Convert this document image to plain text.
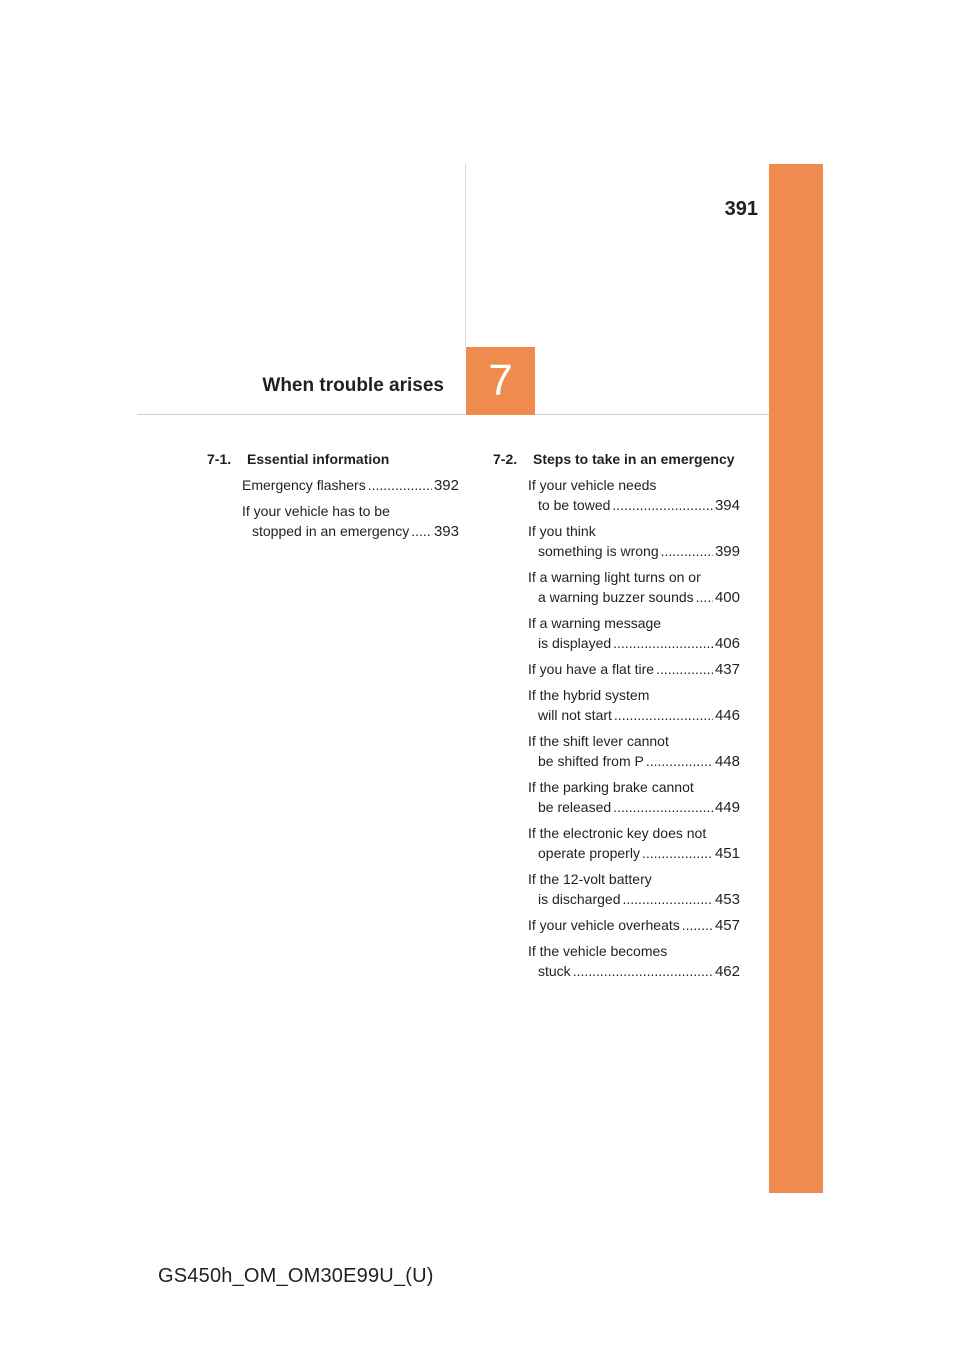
391
When trouble arises	7
7-1.	Essential information
Emergency flashers .....	392
If your vehicle has to be
stopped in an emergency ..... 393
7-2.	Steps to take in an emergency
If your vehicle needs
to be towed .....	394
If you think
something is wrong .....	399
If a warning light turns on or
a warning buzzer sounds ..... 400
If a warning message
is displayed .....	406
If you have a flat tire .....	437
If the hybrid system
will not start .....	446
If the shift lever cannot
be shifted from P .....	448
If the parking brake cannot
be released .....	449
If the electronic key does not
operate properly .....	451
If the 12-volt battery
is discharged .....	453
If your vehicle overheats ..... 457
If the vehicle becomes
stuck .....	462
GS450h_OM_OM30E99U_(U)
